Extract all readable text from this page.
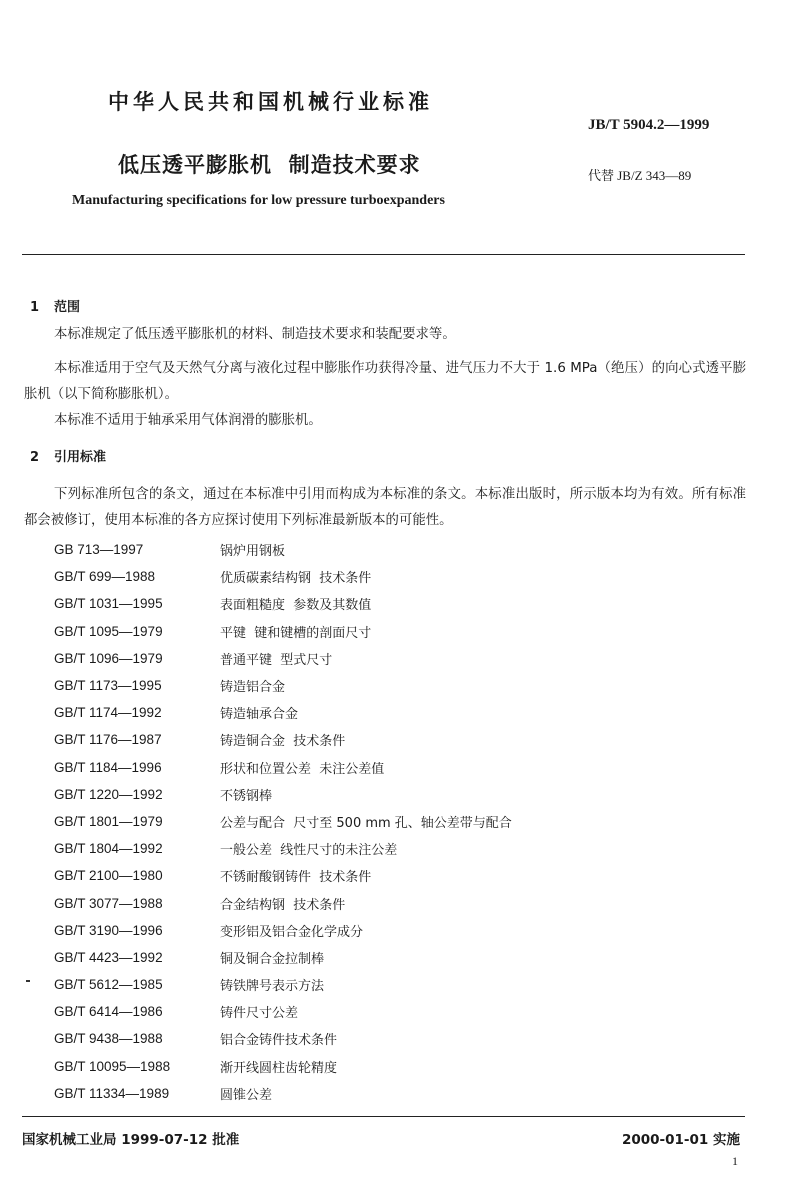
中华人民共和国机械行业标准
JB/T 5904.2—1999
低压透平膨胀机  制造技术要求	代替 JB/Z 343—89
Manufacturing specifications for low pressure turboexpanders
1 范围
本标准规定了低压透平膨胀机的材料、制造技术要求和装配要求等。
本标准适用于空气及天然气分离与液化过程中膨胀作功获得冷量、进气压力不大于 1.6 MPa（绝压）的向心式透平膨胀机（以下简称膨胀机）。
本标准不适用于轴承采用气体润滑的膨胀机。
2 引用标准
下列标准所包含的条文，通过在本标准中引用而构成为本标准的条文。本标准出版时，所示版本均为有效。所有标准都会被修订，使用本标准的各方应探讨使用下列标准最新版本的可能性。
GB 713—1997	锅炉用钢板
GB/T 699—1988	优质碳素结构钢  技术条件
GB/T 1031—1995	表面粗糙度  参数及其数值
GB/T 1095—1979	平键  键和键槽的剖面尺寸
GB/T 1096—1979	普通平键  型式尺寸
GB/T 1173—1995	铸造铝合金
GB/T 1174—1992	铸造轴承合金
GB/T 1176—1987	铸造铜合金  技术条件
GB/T 1184—1996	形状和位置公差  未注公差值
GB/T 1220—1992	不锈钢棒
GB/T 1801—1979	公差与配合  尺寸至 500 mm 孔、轴公差带与配合
GB/T 1804—1992	一般公差  线性尺寸的未注公差
GB/T 2100—1980	不锈耐酸钢铸件  技术条件
GB/T 3077—1988	合金结构钢  技术条件
GB/T 3190—1996	变形铝及铝合金化学成分
GB/T 4423—1992	铜及铜合金拉制棒
GB/T 5612—1985	铸铁牌号表示方法
GB/T 6414—1986	铸件尺寸公差
GB/T 9438—1988	铝合金铸件技术条件
GB/T 10095—1988	渐开线圆柱齿轮精度
GB/T 11334—1989	圆锥公差
国家机械工业局 1999-07-12 批准	2000-01-01 实施
1
